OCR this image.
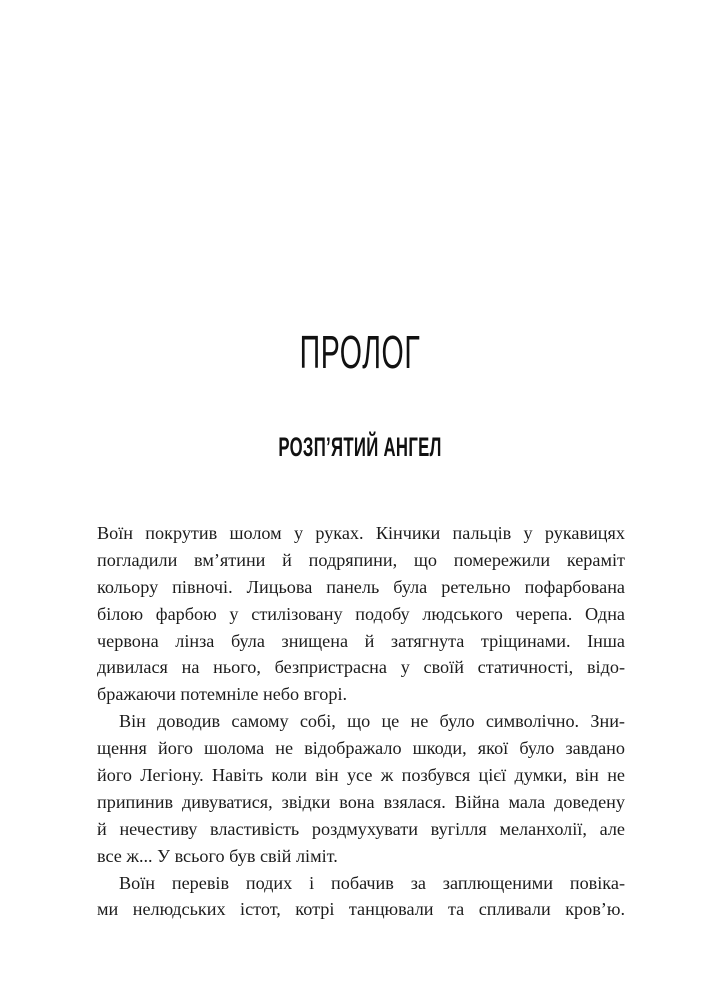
ПРОЛОГ
РОЗП’ЯТИЙ АНГЕЛ
Воїн покрутив шолом у руках. Кінчики пальців у рукавицях
погладили вм’ятини й подряпини, що помережили кераміт
кольору півночі. Лицьова панель була ретельно пофарбована
білою фарбою у стилізовану подобу людського черепа. Одна
червона лінза була знищена й затягнута тріщинами. Інша
дивилася на нього, безпристрасна у своїй статичності, відо-
бражаючи потемніле небо вгорі.
Він доводив самому собі, що це не було символічно. Зни-
щення його шолома не відображало шкоди, якої було завдано
його Легіону. Навіть коли він усе ж позбувся цієї думки, він не
припинив дивуватися, звідки вона взялася. Війна мала доведену
й нечестиву властивість роздмухувати вугілля меланхолії, але
все ж... У всього був свій ліміт.
Воїн перевів подих і побачив за заплющеними повіка-
ми нелюдських істот, котрі танцювали та спливали кров’ю.
